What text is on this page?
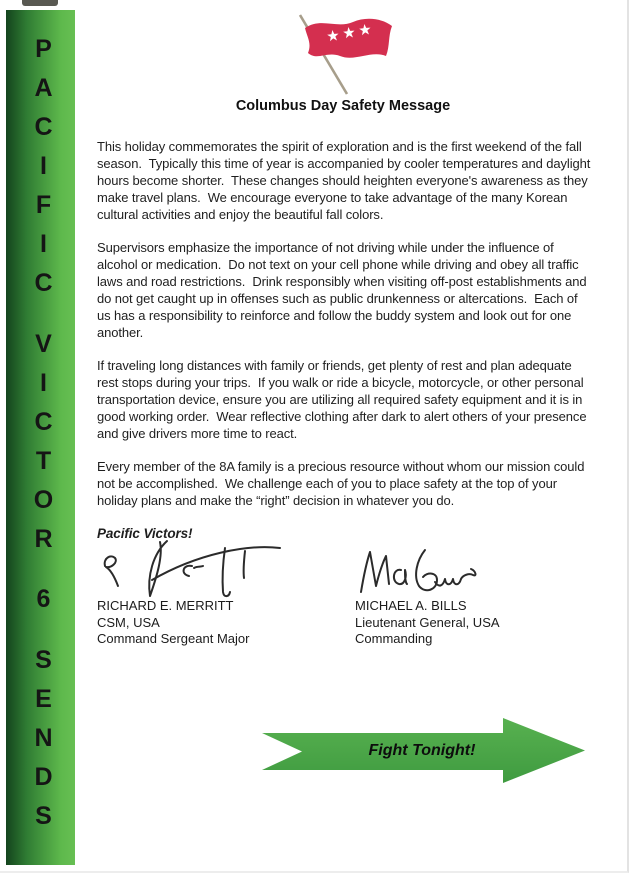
P
A
C
I
F
I
C
V
I
C
T
O
R
6
S
E
N
D
S
Columbus Day Safety Message

This holiday commemorates the spirit of exploration and is the first weekend of the fall season.  Typically this time of year is accompanied by cooler temperatures and daylight hours become shorter.  These changes should heighten everyone's awareness as they make travel plans.  We encourage everyone to take advantage of the many Korean cultural activities and enjoy the beautiful fall colors.

Supervisors emphasize the importance of not driving while under the influence of alcohol or medication.  Do not text on your cell phone while driving and obey all traffic laws and road restrictions.  Drink responsibly when visiting off-post establishments and do not get caught up in offenses such as public drunkenness or altercations.  Each of us has a responsibility to reinforce and follow the buddy system and look out for one another.

If traveling long distances with family or friends, get plenty of rest and plan adequate rest stops during your trips.  If you walk or ride a bicycle, motorcycle, or other personal transportation device, ensure you are utilizing all required safety equipment and it is in good working order.  Wear reflective clothing after dark to alert others of your presence and give drivers more time to react.

Every member of the 8A family is a precious resource without whom our mission could not be accomplished.  We challenge each of you to place safety at the top of your holiday plans and make the “right” decision in whatever you do.

Pacific Victors!
RICHARD E. MERRITT
CSM, USA
Command Sergeant Major
MICHAEL A. BILLS
Lieutenant General, USA
Commanding
Fight Tonight!
